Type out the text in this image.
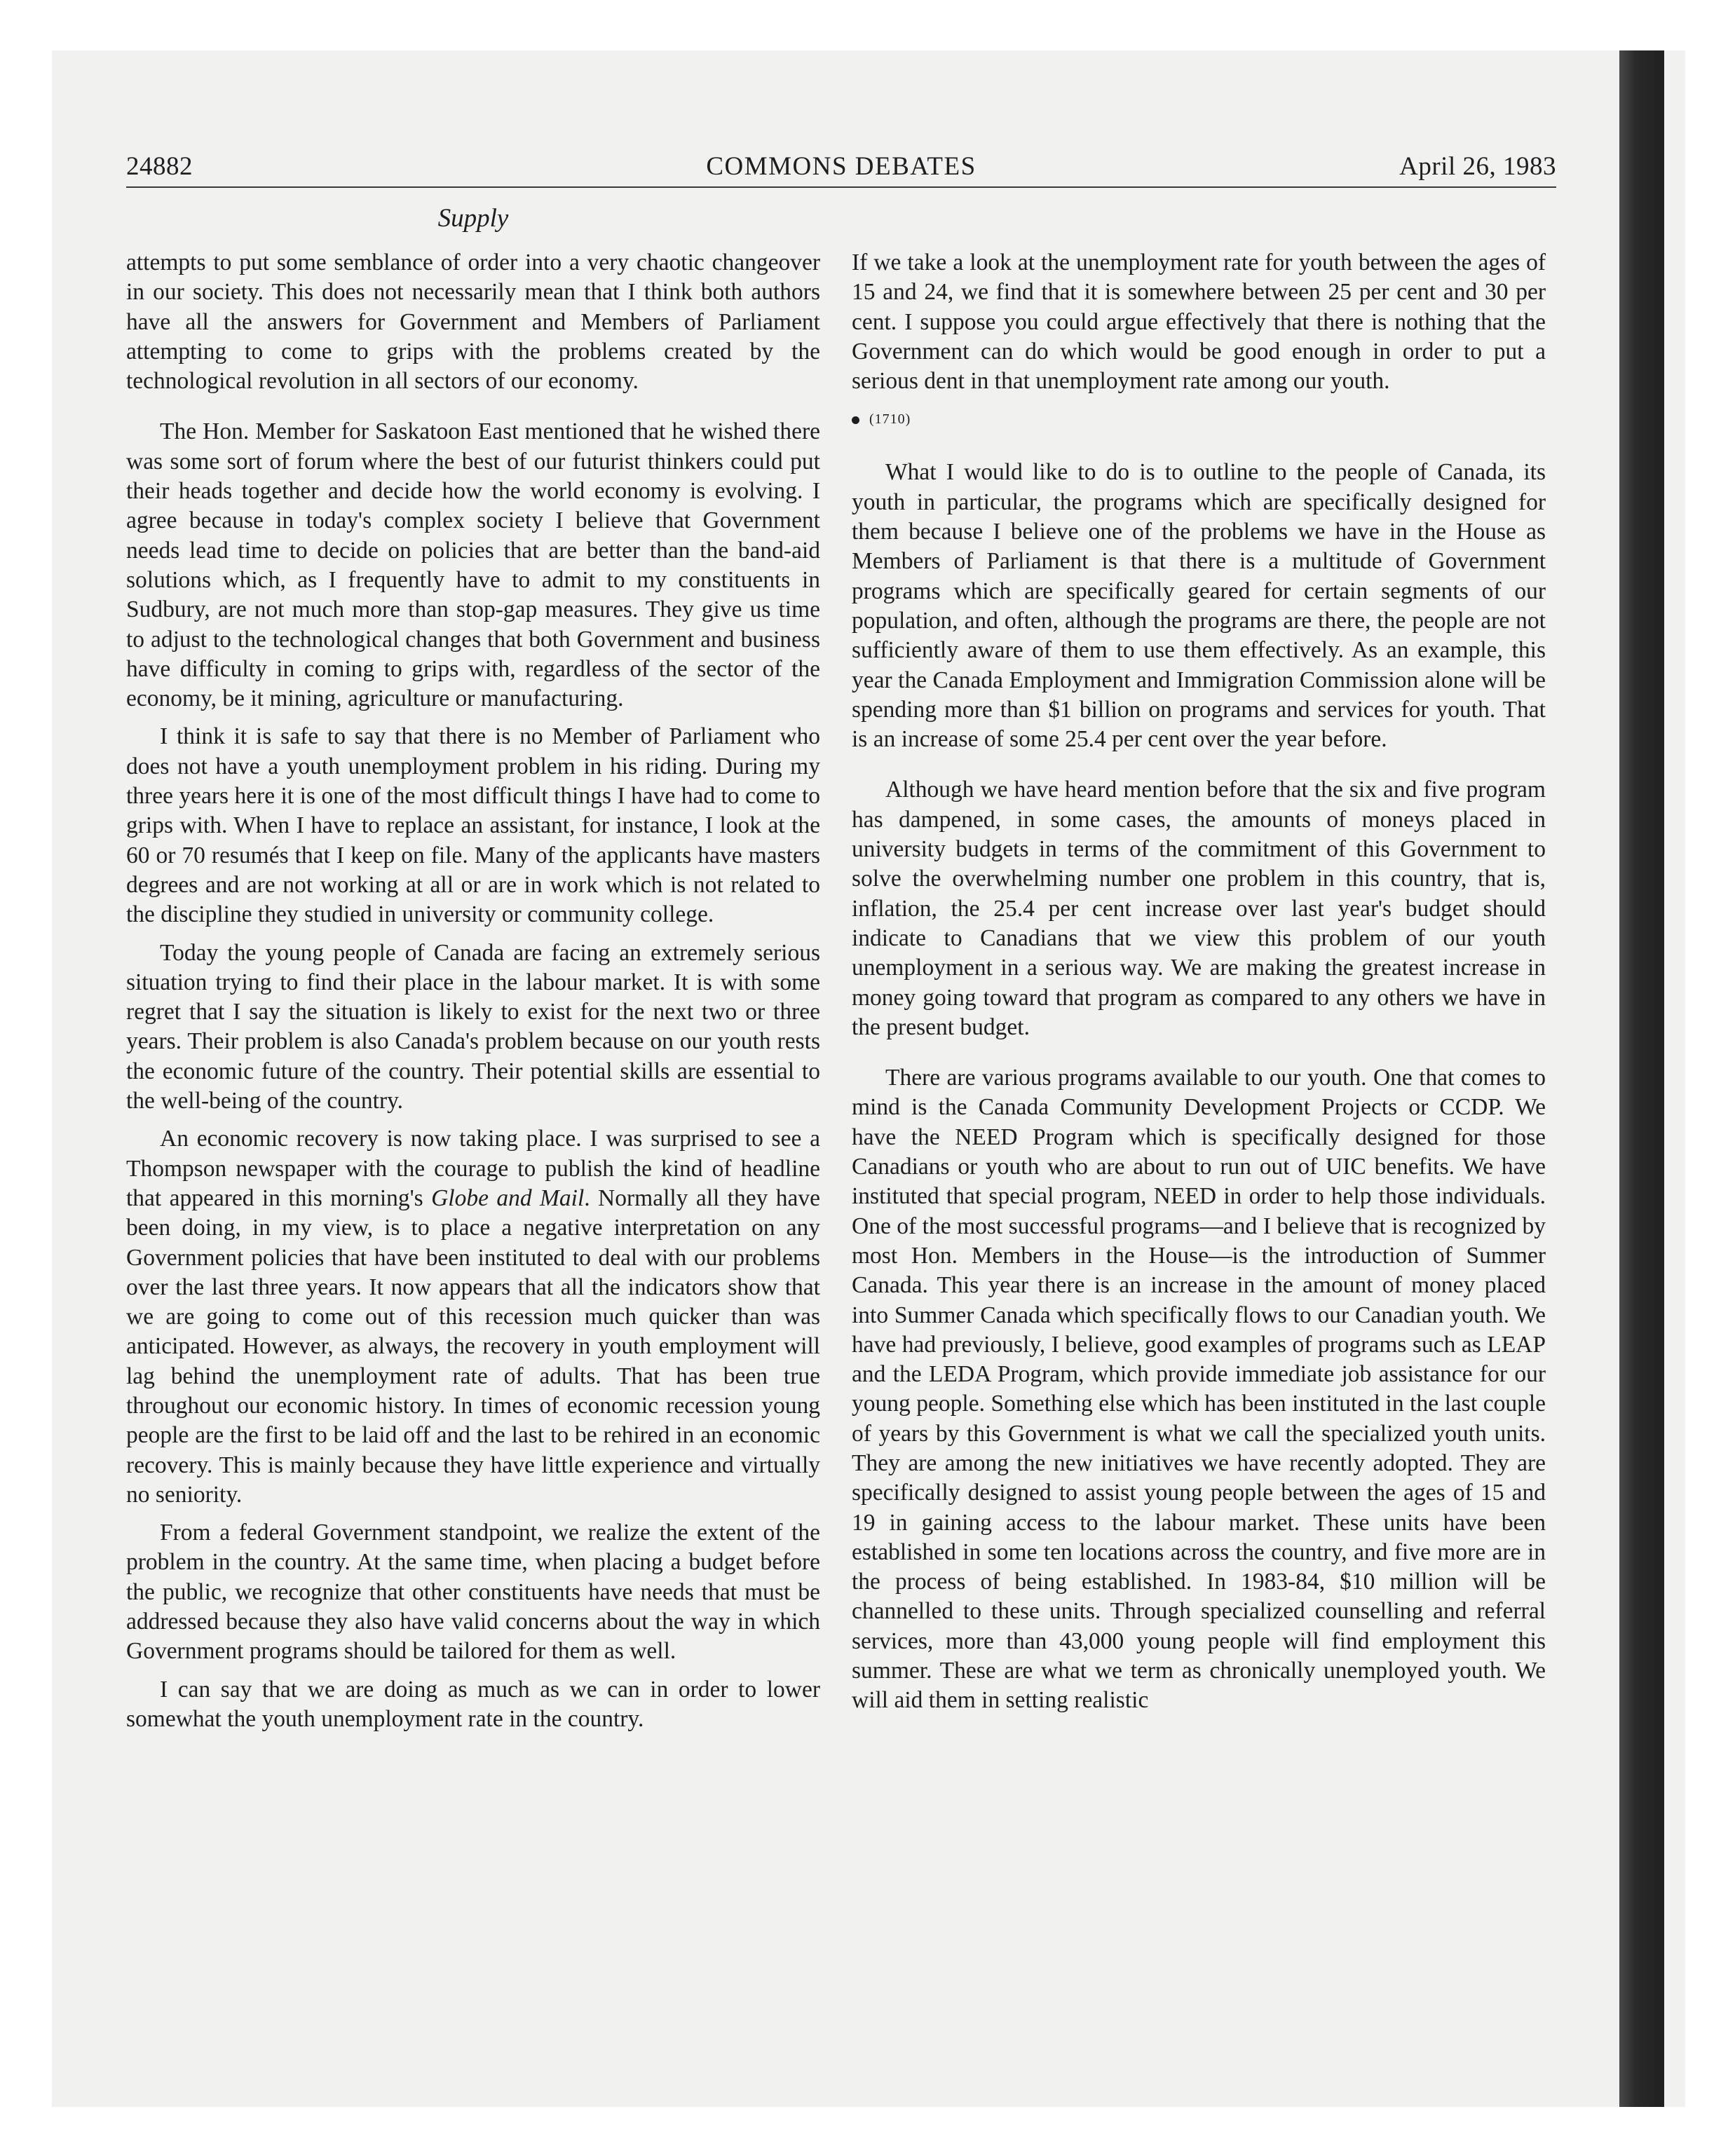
24882	COMMONS DEBATES	April 26, 1983
Supply

attempts to put some semblance of order into a very chaotic changeover in our society. This does not necessarily mean that I think both authors have all the answers for Government and Members of Parliament attempting to come to grips with the problems created by the technological revolution in all sectors of our economy.

The Hon. Member for Saskatoon East mentioned that he wished there was some sort of forum where the best of our futurist thinkers could put their heads together and decide how the world economy is evolving. I agree because in today's complex society I believe that Government needs lead time to decide on policies that are better than the band-aid solutions which, as I frequently have to admit to my constituents in Sudbury, are not much more than stop-gap measures. They give us time to adjust to the technological changes that both Government and business have difficulty in coming to grips with, regardless of the sector of the economy, be it mining, agriculture or manufacturing.

I think it is safe to say that there is no Member of Parliament who does not have a youth unemployment problem in his riding. During my three years here it is one of the most difficult things I have had to come to grips with. When I have to replace an assistant, for instance, I look at the 60 or 70 resumés that I keep on file. Many of the applicants have masters degrees and are not working at all or are in work which is not related to the discipline they studied in university or community college.

Today the young people of Canada are facing an extremely serious situation trying to find their place in the labour market. It is with some regret that I say the situation is likely to exist for the next two or three years. Their problem is also Canada's problem because on our youth rests the economic future of the country. Their potential skills are essential to the well-being of the country.

An economic recovery is now taking place. I was surprised to see a Thompson newspaper with the courage to publish the kind of headline that appeared in this morning's Globe and Mail. Normally all they have been doing, in my view, is to place a negative interpretation on any Government policies that have been instituted to deal with our problems over the last three years. It now appears that all the indicators show that we are going to come out of this recession much quicker than was anticipated. However, as always, the recovery in youth employment will lag behind the unemployment rate of adults. That has been true throughout our economic history. In times of economic recession young people are the first to be laid off and the last to be rehired in an economic recovery. This is mainly because they have little experience and virtually no seniority.

From a federal Government standpoint, we realize the extent of the problem in the country. At the same time, when placing a budget before the public, we recognize that other constituents have needs that must be addressed because they also have valid concerns about the way in which Government programs should be tailored for them as well.

I can say that we are doing as much as we can in order to lower somewhat the youth unemployment rate in the country.

If we take a look at the unemployment rate for youth between the ages of 15 and 24, we find that it is somewhere between 25 per cent and 30 per cent. I suppose you could argue effectively that there is nothing that the Government can do which would be good enough in order to put a serious dent in that unemployment rate among our youth.

(1710)

What I would like to do is to outline to the people of Canada, its youth in particular, the programs which are specifically designed for them because I believe one of the problems we have in the House as Members of Parliament is that there is a multitude of Government programs which are specifically geared for certain segments of our population, and often, although the programs are there, the people are not sufficiently aware of them to use them effectively. As an example, this year the Canada Employment and Immigration Commission alone will be spending more than $1 billion on programs and services for youth. That is an increase of some 25.4 per cent over the year before.

Although we have heard mention before that the six and five program has dampened, in some cases, the amounts of moneys placed in university budgets in terms of the commitment of this Government to solve the overwhelming number one problem in this country, that is, inflation, the 25.4 per cent increase over last year's budget should indicate to Canadians that we view this problem of our youth unemployment in a serious way. We are making the greatest increase in money going toward that program as compared to any others we have in the present budget.

There are various programs available to our youth. One that comes to mind is the Canada Community Development Projects or CCDP. We have the NEED Program which is specifically designed for those Canadians or youth who are about to run out of UIC benefits. We have instituted that special program, NEED in order to help those individuals. One of the most successful programs—and I believe that is recognized by most Hon. Members in the House—is the introduction of Summer Canada. This year there is an increase in the amount of money placed into Summer Canada which specifically flows to our Canadian youth. We have had previously, I believe, good examples of programs such as LEAP and the LEDA Program, which provide immediate job assistance for our young people. Something else which has been instituted in the last couple of years by this Government is what we call the specialized youth units. They are among the new initiatives we have recently adopted. They are specifically designed to assist young people between the ages of 15 and 19 in gaining access to the labour market. These units have been established in some ten locations across the country, and five more are in the process of being established. In 1983-84, $10 million will be channelled to these units. Through specialized counselling and referral services, more than 43,000 young people will find employment this summer. These are what we term as chronically unemployed youth. We will aid them in setting realistic
